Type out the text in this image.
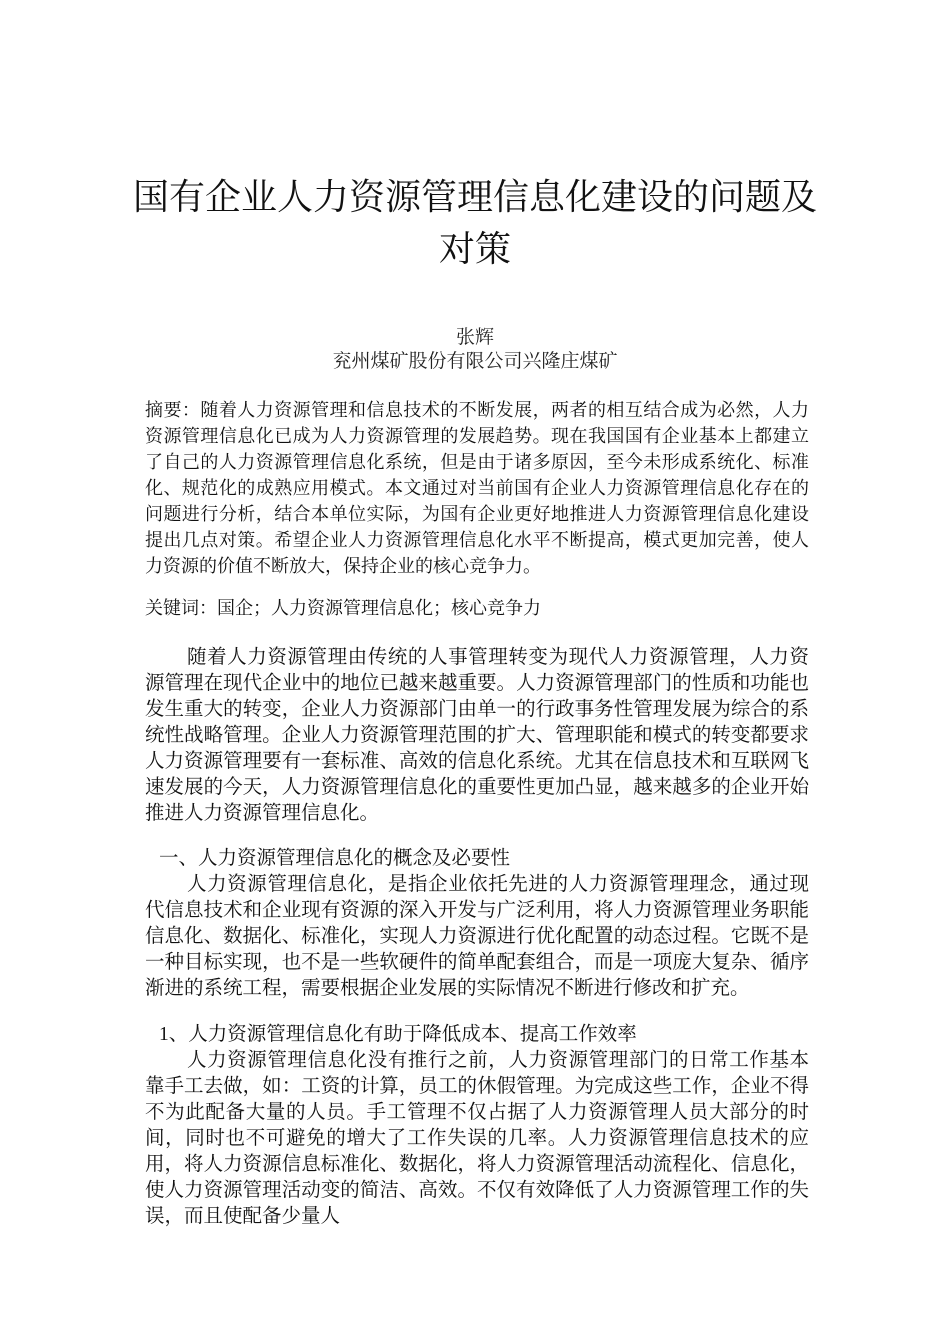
国有企业人力资源管理信息化建设的问题及对策
张辉
兖州煤矿股份有限公司兴隆庄煤矿

摘要：随着人力资源管理和信息技术的不断发展，两者的相互结合成为必然，人力资源管理信息化已成为人力资源管理的发展趋势。现在我国国有企业基本上都建立了自己的人力资源管理信息化系统，但是由于诸多原因，至今未形成系统化、标准化、规范化的成熟应用模式。本文通过对当前国有企业人力资源管理信息化存在的问题进行分析，结合本单位实际，为国有企业更好地推进人力资源管理信息化建设提出几点对策。希望企业人力资源管理信息化水平不断提高，模式更加完善，使人力资源的价值不断放大，保持企业的核心竞争力。

关键词：国企；人力资源管理信息化；核心竞争力

随着人力资源管理由传统的人事管理转变为现代人力资源管理，人力资源管理在现代企业中的地位已越来越重要。人力资源管理部门的性质和功能也发生重大的转变，企业人力资源部门由单一的行政事务性管理发展为综合的系统性战略管理。企业人力资源管理范围的扩大、管理职能和模式的转变都要求人力资源管理要有一套标准、高效的信息化系统。尤其在信息技术和互联网飞速发展的今天，人力资源管理信息化的重要性更加凸显，越来越多的企业开始推进人力资源管理信息化。

一、人力资源管理信息化的概念及必要性

人力资源管理信息化，是指企业依托先进的人力资源管理理念，通过现代信息技术和企业现有资源的深入开发与广泛利用，将人力资源管理业务职能信息化、数据化、标准化，实现人力资源进行优化配置的动态过程。它既不是一种目标实现，也不是一些软硬件的简单配套组合，而是一项庞大复杂、循序渐进的系统工程，需要根据企业发展的实际情况不断进行修改和扩充。

1、人力资源管理信息化有助于降低成本、提高工作效率

人力资源管理信息化没有推行之前，人力资源管理部门的日常工作基本靠手工去做，如：工资的计算，员工的休假管理。为完成这些工作，企业不得不为此配备大量的人员。手工管理不仅占据了人力资源管理人员大部分的时间，同时也不可避免的增大了工作失误的几率。人力资源管理信息技术的应用，将人力资源信息标准化、数据化，将人力资源管理活动流程化、信息化，使人力资源管理活动变的简洁、高效。不仅有效降低了人力资源管理工作的失误，而且使配备少量人
